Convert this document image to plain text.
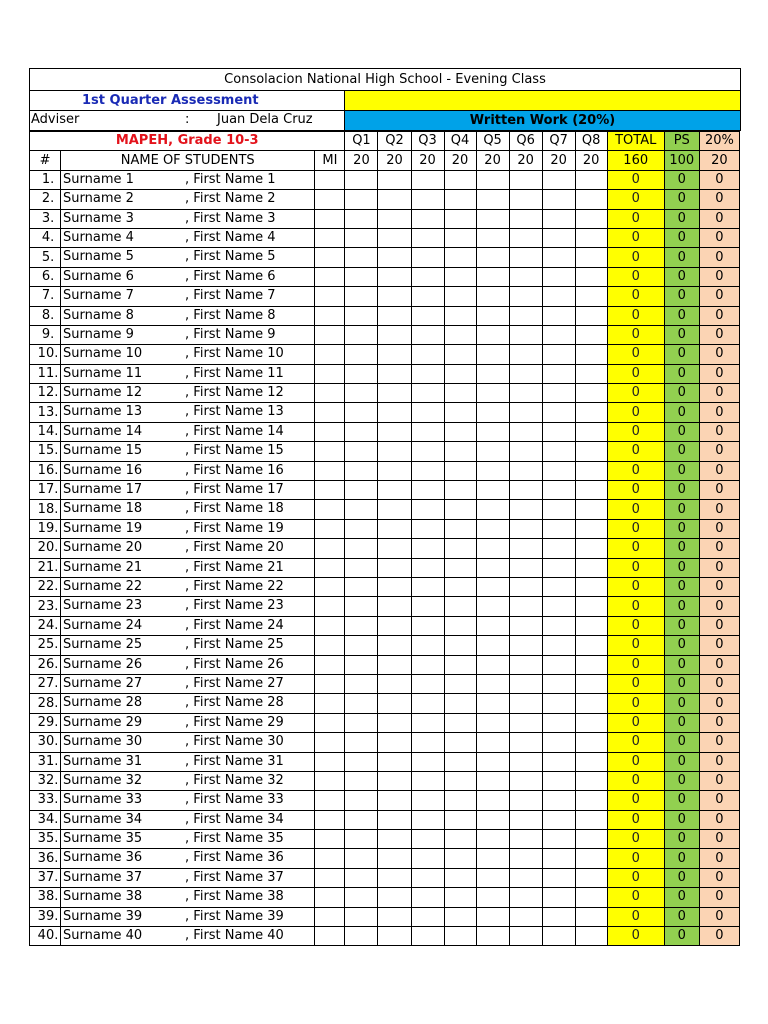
Consolacion National High School - Evening Class	
1st Quarter Assessment	

Adviser : Juan Dela Cruz	Written Work (20%)
MAPEH, Grade 10-3			Q1	Q2	Q3	Q4	Q5	Q6	Q7	Q8	TOTAL	PS	20%
#	NAME OF STUDENTS	MI	20	20	20	20	20	20	20	20	160	100	20
1.	Surname 1 , First Name 1										0	0	0
2.	Surname 2 , First Name 2										0	0	0
3.	Surname 3 , First Name 3										0	0	0
4.	Surname 4 , First Name 4										0	0	0
5.	Surname 5 , First Name 5										0	0	0
6.	Surname 6 , First Name 6										0	0	0
7.	Surname 7 , First Name 7										0	0	0
8.	Surname 8 , First Name 8										0	0	0
9.	Surname 9 , First Name 9										0	0	0
10.	Surname 10 , First Name 10										0	0	0
11.	Surname 11 , First Name 11										0	0	0
12.	Surname 12 , First Name 12										0	0	0
13.	Surname 13 , First Name 13										0	0	0
14.	Surname 14 , First Name 14										0	0	0
15.	Surname 15 , First Name 15										0	0	0
16.	Surname 16 , First Name 16										0	0	0
17.	Surname 17 , First Name 17										0	0	0
18.	Surname 18 , First Name 18										0	0	0
19.	Surname 19 , First Name 19										0	0	0
20.	Surname 20 , First Name 20										0	0	0
21.	Surname 21 , First Name 21										0	0	0
22.	Surname 22 , First Name 22										0	0	0
23.	Surname 23 , First Name 23										0	0	0
24.	Surname 24 , First Name 24										0	0	0
25.	Surname 25 , First Name 25										0	0	0
26.	Surname 26 , First Name 26										0	0	0
27.	Surname 27 , First Name 27										0	0	0
28.	Surname 28 , First Name 28										0	0	0
29.	Surname 29 , First Name 29										0	0	0
30.	Surname 30 , First Name 30										0	0	0
31.	Surname 31 , First Name 31										0	0	0
32.	Surname 32 , First Name 32										0	0	0
33.	Surname 33 , First Name 33										0	0	0
34.	Surname 34 , First Name 34										0	0	0
35.	Surname 35 , First Name 35										0	0	0
36.	Surname 36 , First Name 36										0	0	0
37.	Surname 37 , First Name 37										0	0	0
38.	Surname 38 , First Name 38										0	0	0
39.	Surname 39 , First Name 39										0	0	0
40.	Surname 40 , First Name 40										0	0	0
